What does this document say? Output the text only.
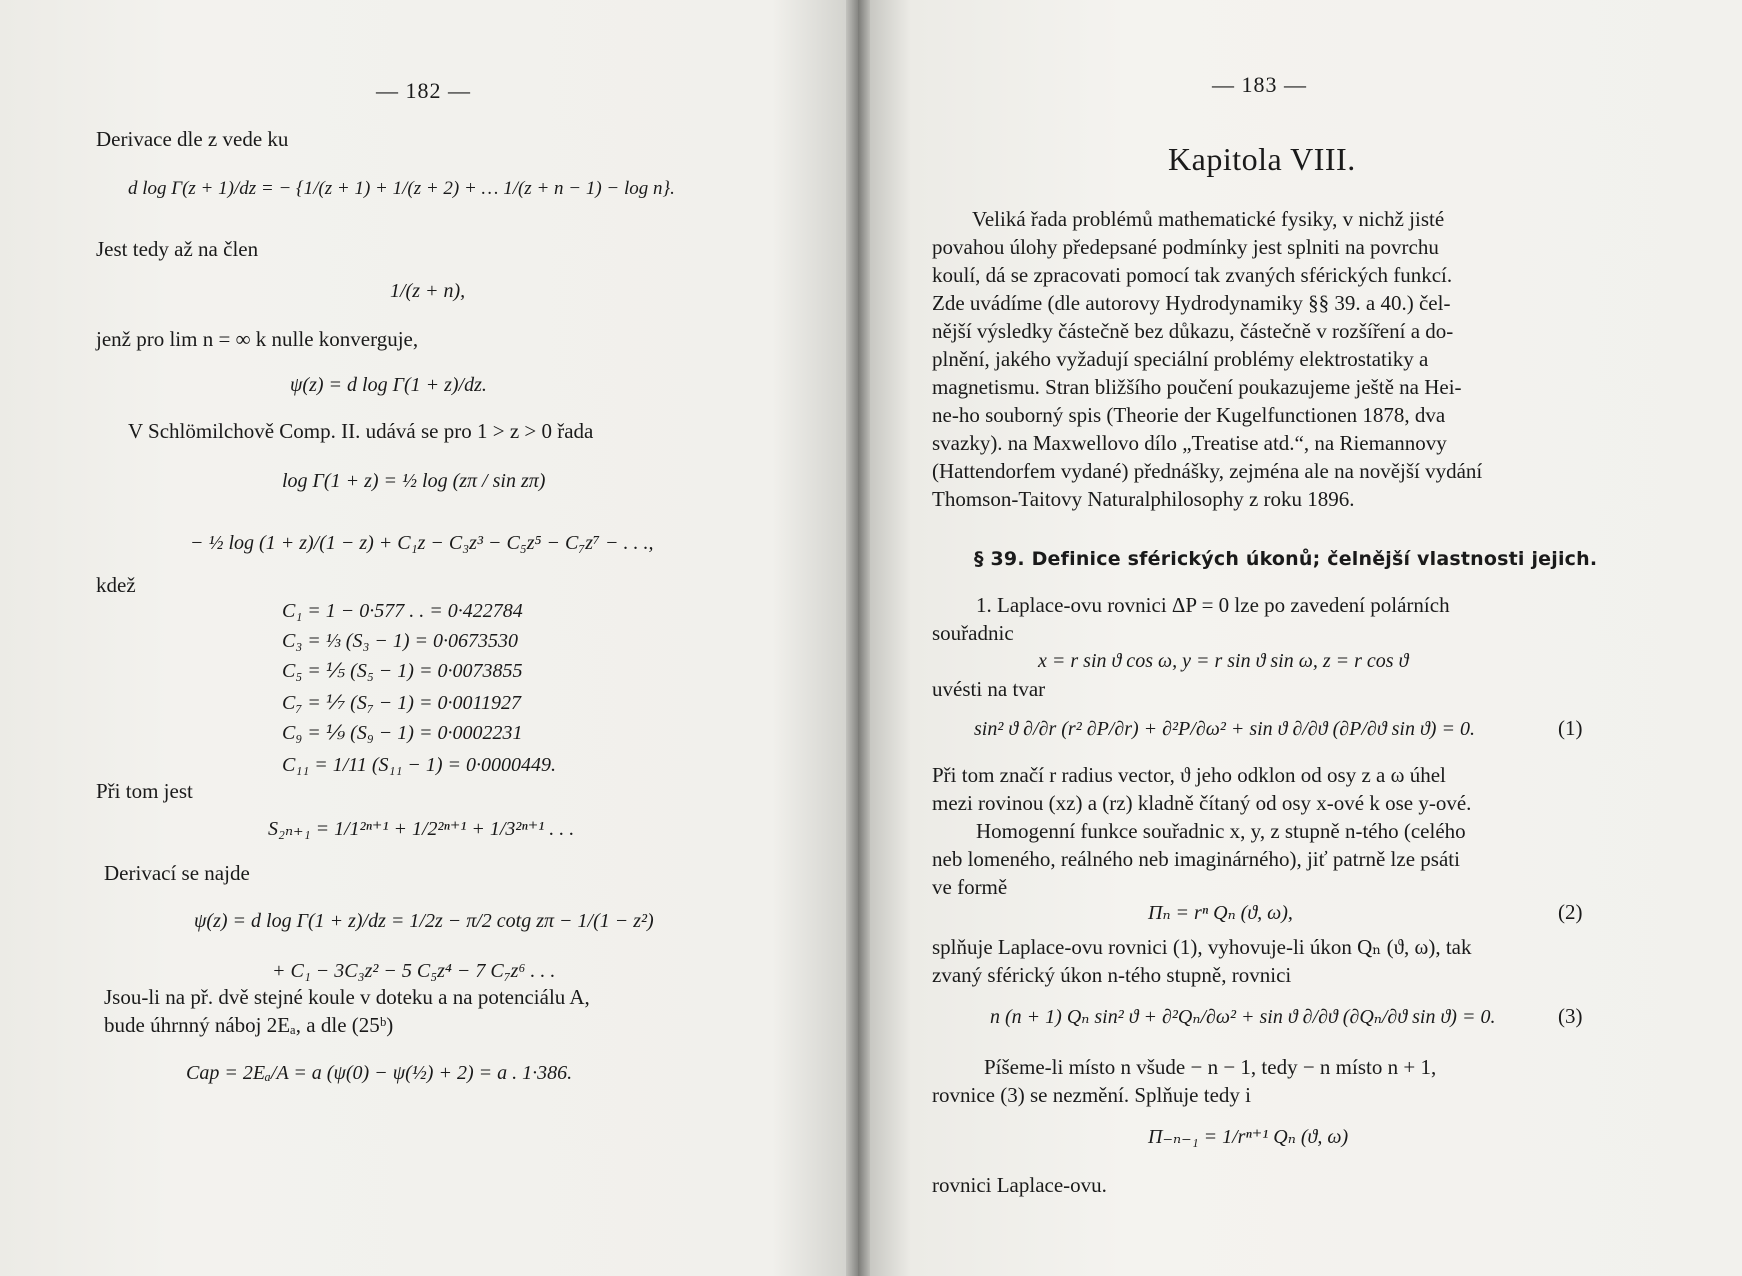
— 182 —
Derivace dle z vede ku
d log Γ(z + 1)/dz = − {1/(z + 1) + 1/(z + 2) + … 1/(z + n − 1) − log n}.
Jest tedy až na člen
1/(z + n),
jenž pro lim n = ∞ k nulle konverguje,
ψ(z) = d log Γ(1 + z)/dz.
V Schlömilchově Comp. II. udává se pro 1 > z > 0 řada
log Γ(1 + z) = ½ log (zπ / sin zπ)
− ½ log (1 + z)/(1 − z) + C₁z − C₃z³ − C₅z⁵ − C₇z⁷ − . . .,
kdež
C₁ = 1 − 0·577 . . = 0·422784
C₃ = ⅓ (S₃ − 1) = 0·0673530
C₅ = ⅕ (S₅ − 1) = 0·0073855
C₇ = ⅐ (S₇ − 1) = 0·0011927
C₉ = ⅑ (S₉ − 1) = 0·0002231
C₁₁ = 1/11 (S₁₁ − 1) = 0·0000449.
Při tom jest
S₂ₙ₊₁ = 1/1²ⁿ⁺¹ + 1/2²ⁿ⁺¹ + 1/3²ⁿ⁺¹ . . .
Derivací se najde
ψ(z) = d log Γ(1 + z)/dz = 1/2z − π/2 cotg zπ − 1/(1 − z²)
+ C₁ − 3C₃z² − 5 C₅z⁴ − 7 C₇z⁶ . . .
Jsou-li na př. dvě stejné koule v doteku a na potenciálu A,
bude úhrnný náboj 2Eₐ, a dle (25ᵇ)
Cap = 2Eₐ/A = a (ψ(0) − ψ(½) + 2) = a . 1·386.
— 183 —
Kapitola VIII.
Veliká řada problémů mathematické fysiky, v nichž jisté
povahou úlohy předepsané podmínky jest splniti na povrchu
koulí, dá se zpracovati pomocí tak zvaných sférických funkcí.
Zde uvádíme (dle autorovy Hydrodynamiky §§ 39. a 40.) čel-
nější výsledky částečně bez důkazu, částečně v rozšíření a do-
plnění, jakého vyžadují speciální problémy elektrostatiky a
magnetismu. Stran bližšího poučení poukazujeme ještě na Hei-
ne-ho souborný spis (Theorie der Kugelfunctionen 1878, dva
svazky). na Maxwellovo dílo „Treatise atd.“, na Riemannovy
(Hattendorfem vydané) přednášky, zejména ale na novější vydání
Thomson-Taitovy Naturalphilosophy z roku 1896.
§ 39. Definice sférických úkonů; čelnější vlastnosti jejich.
1. Laplace-ovu rovnici ΔP = 0 lze po zavedení polárních
souřadnic
x = r sin ϑ cos ω, y = r sin ϑ sin ω, z = r cos ϑ
uvésti na tvar
sin² ϑ ∂/∂r (r² ∂P/∂r) + ∂²P/∂ω² + sin ϑ ∂/∂ϑ (∂P/∂ϑ sin ϑ) = 0.	(1)
Při tom značí r radius vector, ϑ jeho odklon od osy z a ω úhel
mezi rovinou (xz) a (rz) kladně čítaný od osy x-ové k ose y-ové.
Homogenní funkce souřadnic x, y, z stupně n-tého (celého
neb lomeného, reálného neb imaginárného), jiť patrně lze psáti
ve formě
Πₙ = rⁿ Qₙ (ϑ, ω),	(2)
splňuje Laplace-ovu rovnici (1), vyhovuje-li úkon Qₙ (ϑ, ω), tak
zvaný sférický úkon n-tého stupně, rovnici
n (n + 1) Qₙ sin² ϑ + ∂²Qₙ/∂ω² + sin ϑ ∂/∂ϑ (∂Qₙ/∂ϑ sin ϑ) = 0.	(3)
Píšeme-li místo n všude − n − 1, tedy − n místo n + 1,
rovnice (3) se nezmění. Splňuje tedy i
Π₋ₙ₋₁ = 1/rⁿ⁺¹ Qₙ (ϑ, ω)
rovnici Laplace-ovu.
